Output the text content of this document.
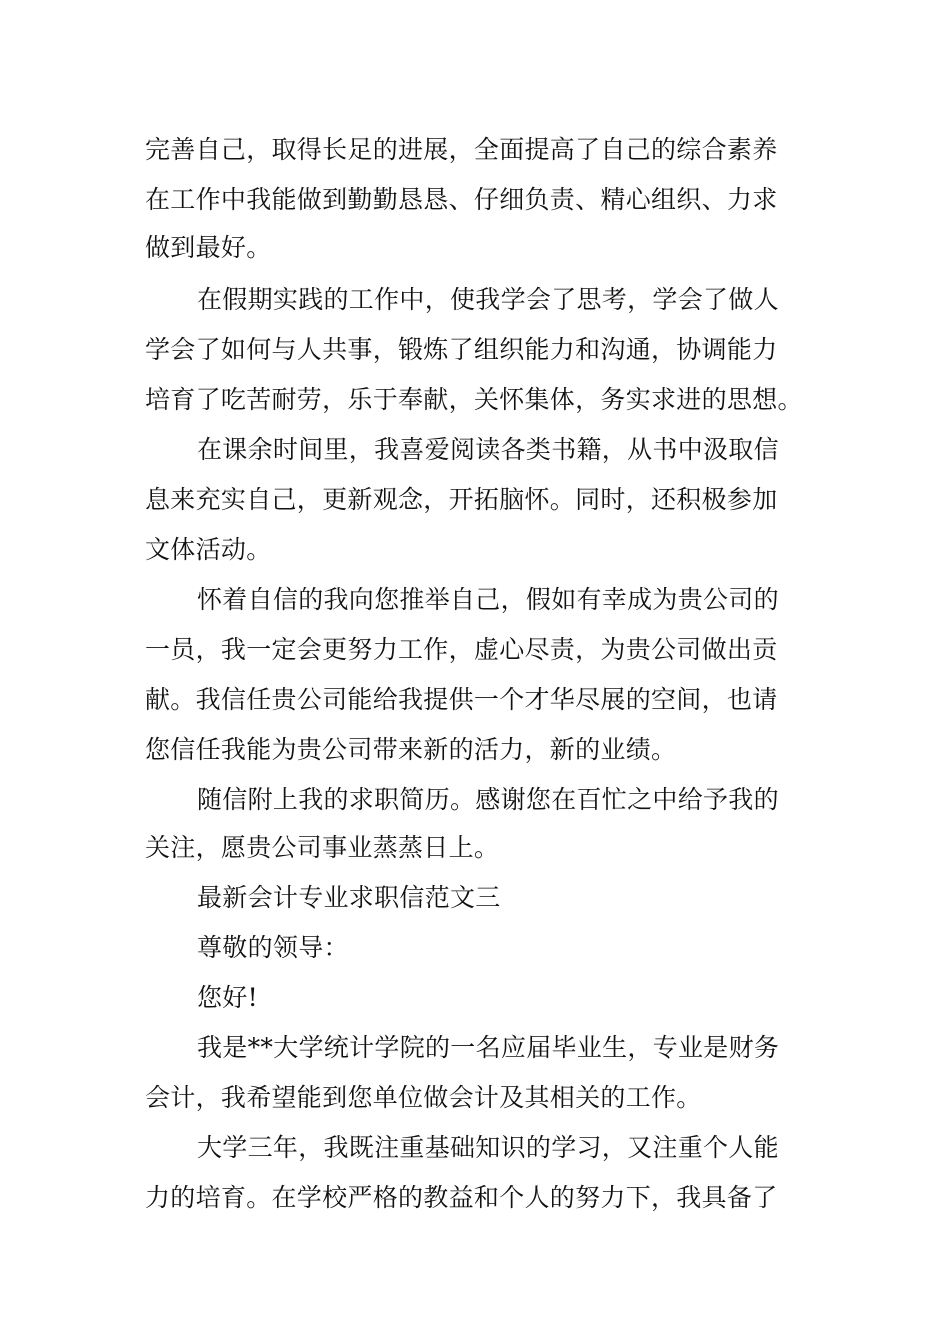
完善自己，取得长足的进展，全面提高了自己的综合素养
在工作中我能做到勤勤恳恳、仔细负责、精心组织、力求
做到最好。
在假期实践的工作中，使我学会了思考，学会了做人
学会了如何与人共事，锻炼了组织能力和沟通，协调能力
培育了吃苦耐劳，乐于奉献，关怀集体，务实求进的思想。
在课余时间里，我喜爱阅读各类书籍，从书中汲取信
息来充实自己，更新观念，开拓脑怀。同时，还积极参加
文体活动。
怀着自信的我向您推举自己，假如有幸成为贵公司的
一员，我一定会更努力工作，虚心尽责，为贵公司做出贡
献。我信任贵公司能给我提供一个才华尽展的空间，也请
您信任我能为贵公司带来新的活力，新的业绩。
随信附上我的求职简历。感谢您在百忙之中给予我的
关注，愿贵公司事业蒸蒸日上。
最新会计专业求职信范文三
尊敬的领导：
您好!
我是**大学统计学院的一名应届毕业生，专业是财务
会计，我希望能到您单位做会计及其相关的工作。
大学三年，我既注重基础知识的学习，又注重个人能
力的培育。在学校严格的教益和个人的努力下，我具备了
